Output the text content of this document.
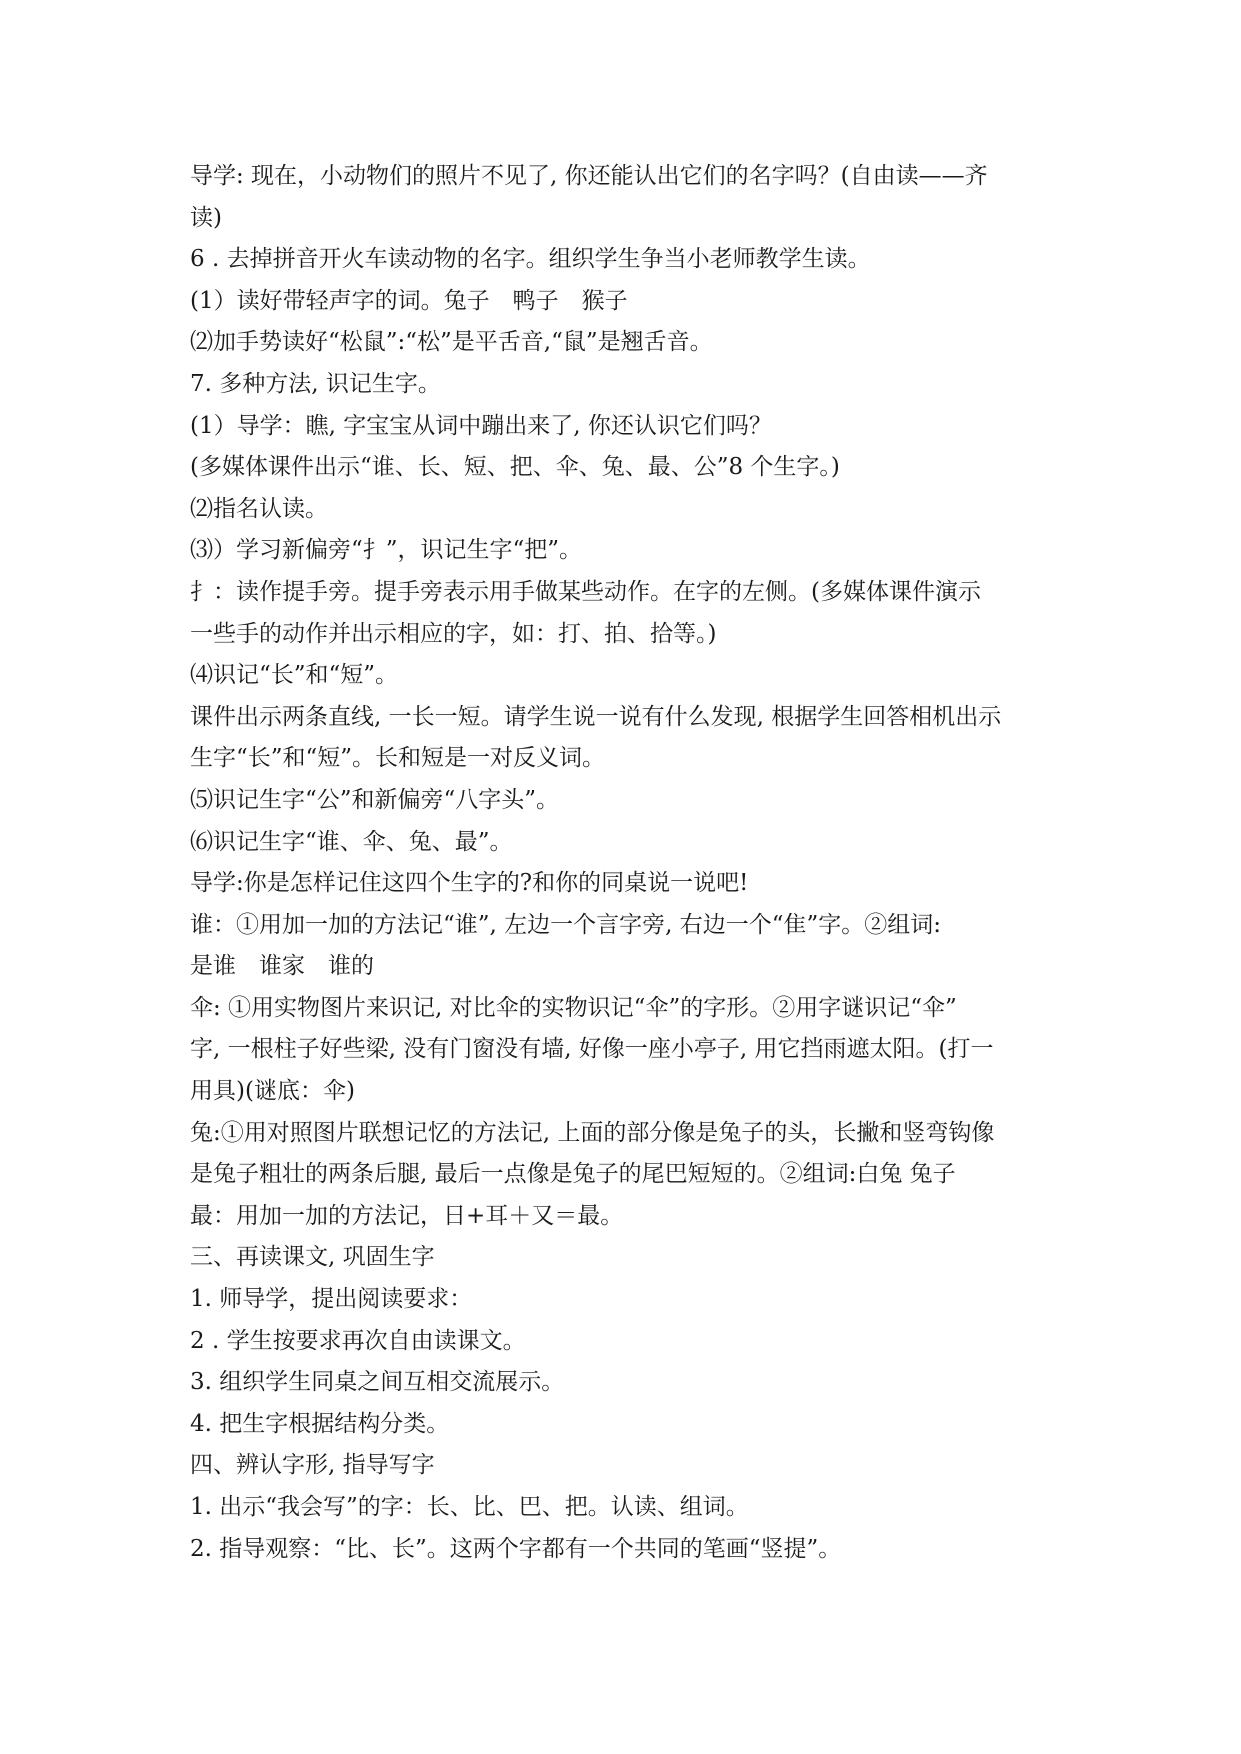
导学: 现在，小动物们的照片不见了, 你还能认出它们的名字吗？(自由读——齐
读)
6 . 去掉拼音开火车读动物的名字。组织学生争当小老师教学生读。
(1）读好带轻声字的词。兔子　鸭子　猴子
⑵加手势读好“松鼠”:“松”是平舌音,“鼠”是翘舌音。
7. 多种方法, 识记生字。
(1）导学：瞧, 字宝宝从词中蹦出来了, 你还认识它们吗？
(多媒体课件出示“谁、长、短、把、伞、兔、最、公”8 个生字。)
⑵指名认读。
⑶）学习新偏旁“扌”，识记生字“把”。
扌：读作提手旁。提手旁表示用手做某些动作。在字的左侧。(多媒体课件演示
一些手的动作并出示相应的字，如：打、拍、拾等。)
⑷识记“长”和“短”。
课件出示两条直线, 一长一短。请学生说一说有什么发现, 根据学生回答相机出示
生字“长”和“短”。长和短是一对反义词。
⑸识记生字“公”和新偏旁“八字头”。
⑹识记生字“谁、伞、兔、最”。
导学:你是怎样记住这四个生字的?和你的同桌说一说吧!
谁：①用加一加的方法记“谁”, 左边一个言字旁, 右边一个“隹”字。②组词:
是谁　谁家　谁的
伞: ①用实物图片来识记, 对比伞的实物识记“伞”的字形。②用字谜识记“伞”
字, 一根柱子好些梁, 没有门窗没有墙, 好像一座小亭子, 用它挡雨遮太阳。(打一
用具)(谜底：伞)
兔:①用对照图片联想记忆的方法记, 上面的部分像是兔子的头，长撇和竖弯钩像
是兔子粗壮的两条后腿, 最后一点像是兔子的尾巴短短的。②组词:白兔 兔子
最：用加一加的方法记，日+耳＋又＝最。
三、再读课文, 巩固生字
1. 师导学，提出阅读要求：
2 . 学生按要求再次自由读课文。
3. 组织学生同桌之间互相交流展示。
4. 把生字根据结构分类。
四、辨认字形, 指导写字
1. 出示“我会写”的字：长、比、巴、把。认读、组词。
2. 指导观察：“比、长”。这两个字都有一个共同的笔画“竖提”。
